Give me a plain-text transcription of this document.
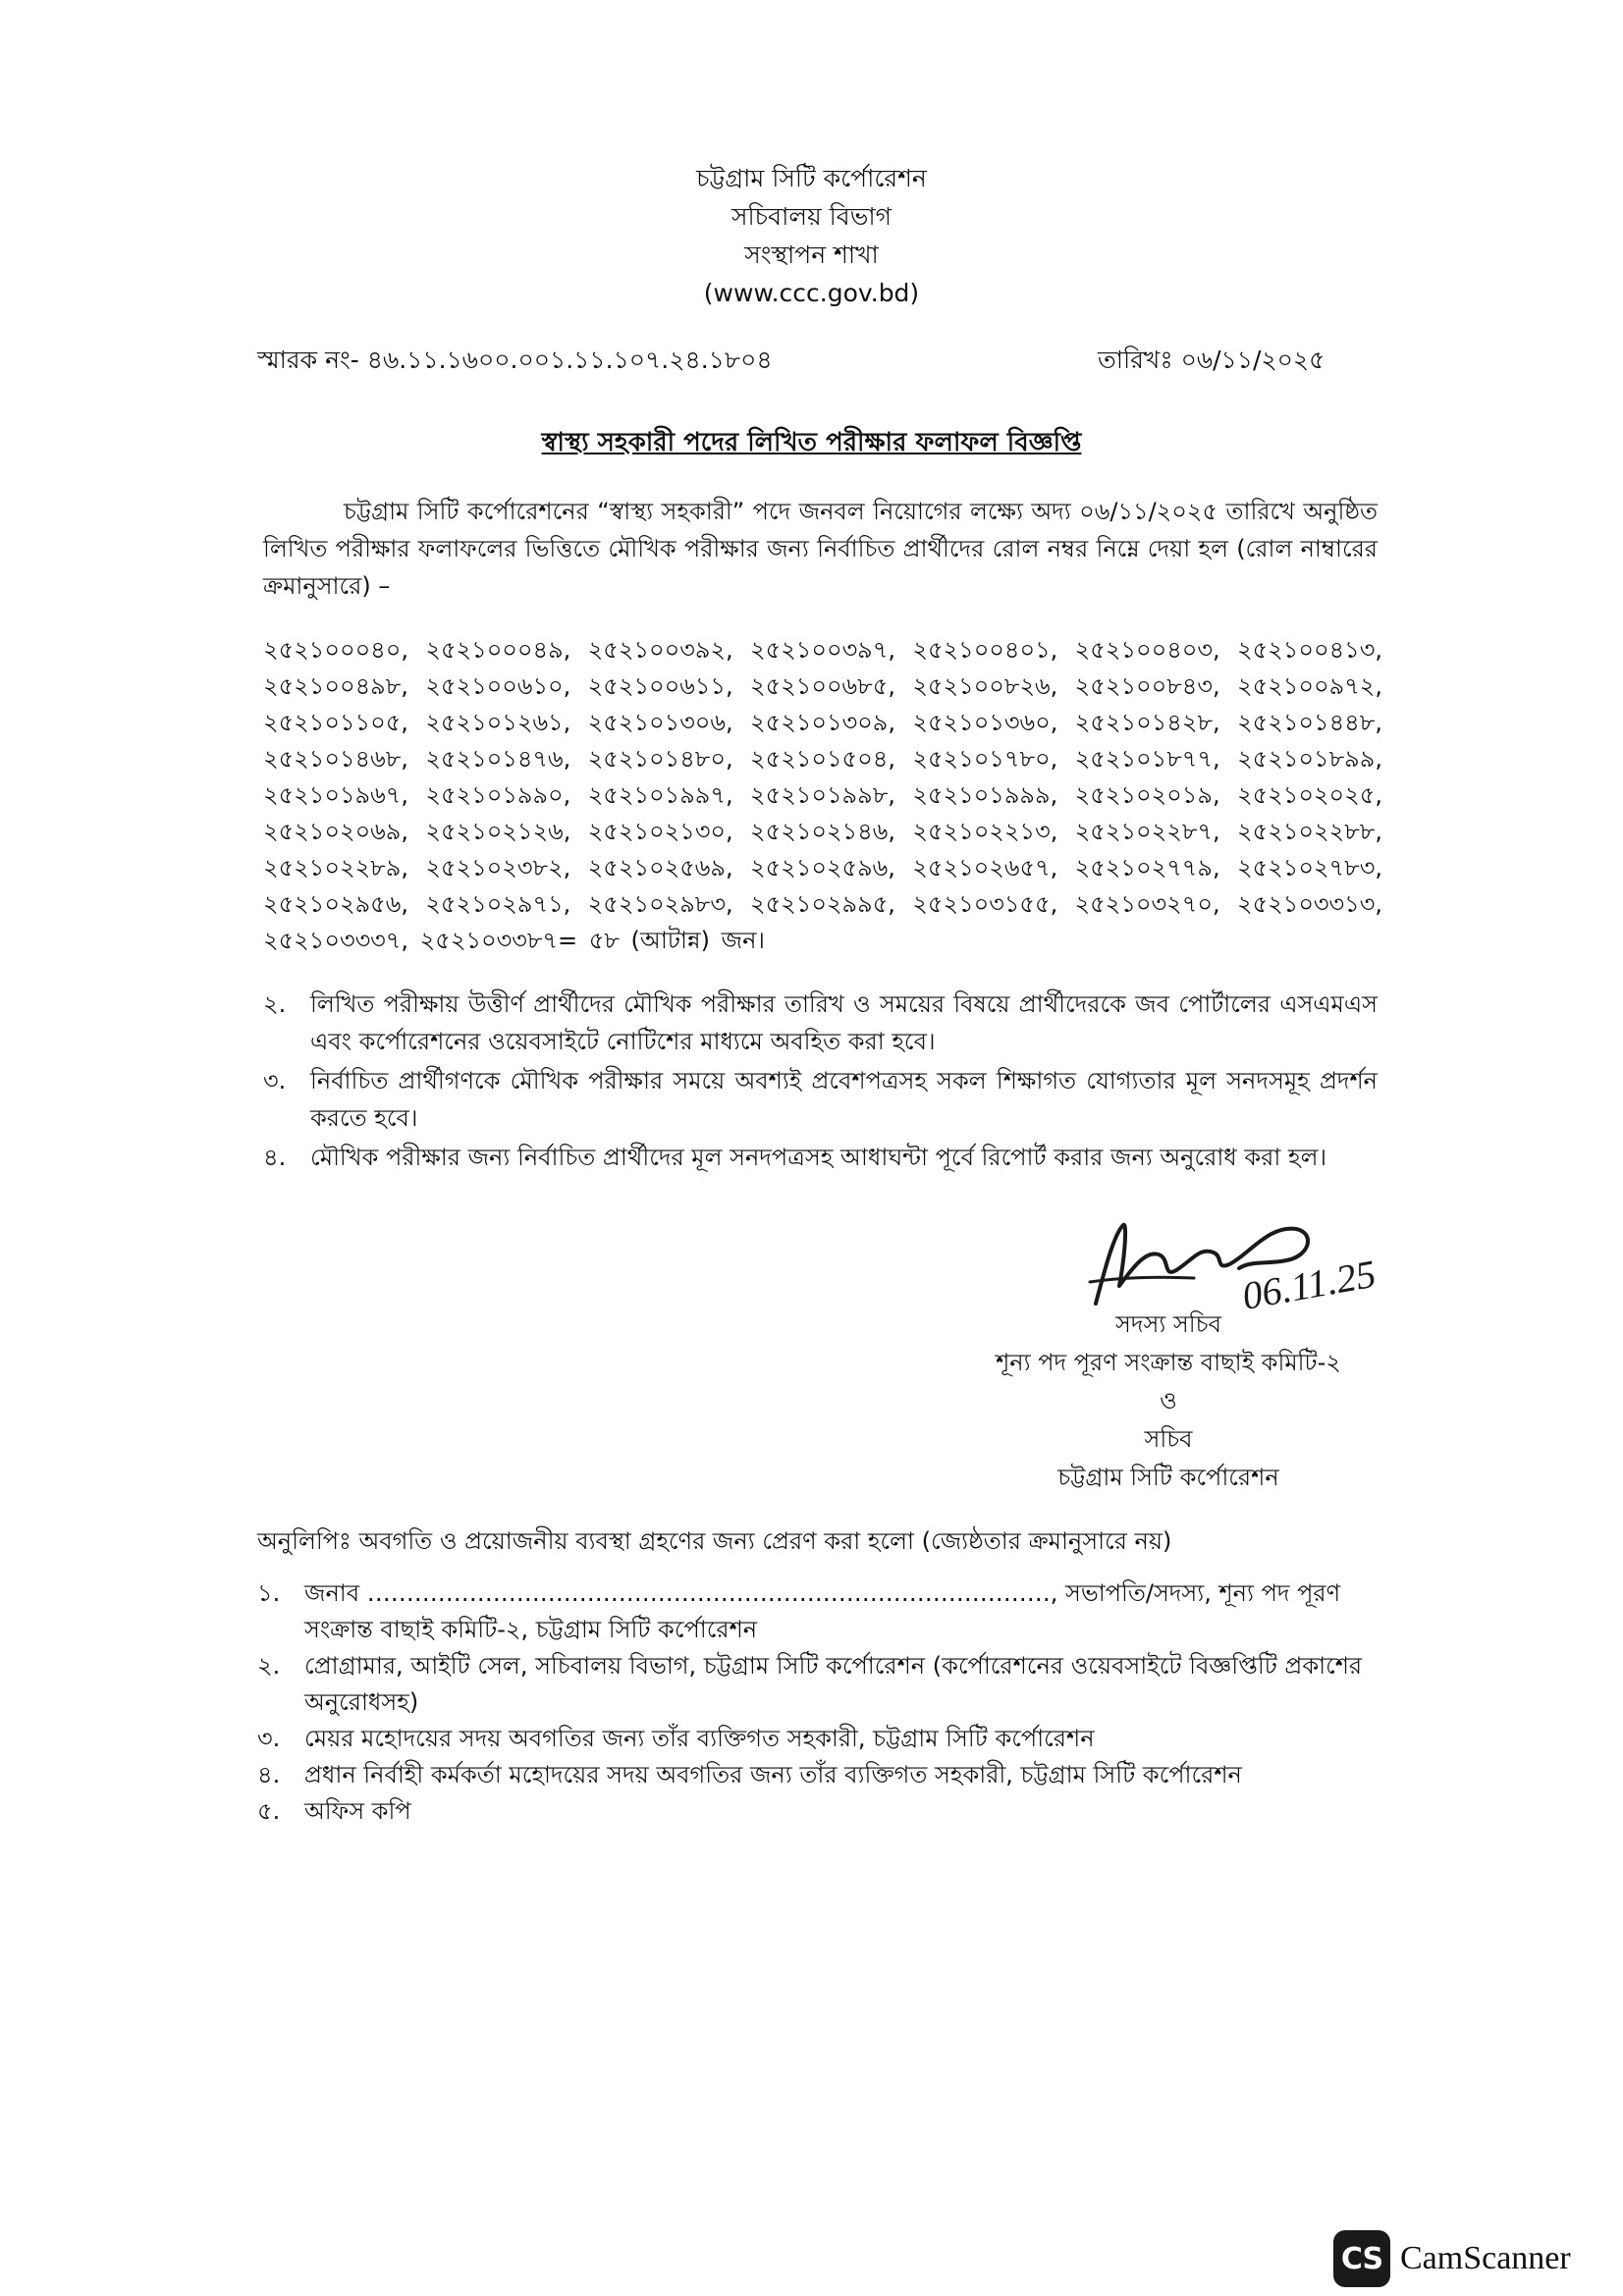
চট্টগ্রাম সিটি কর্পোরেশন
সচিবালয় বিভাগ
সংস্থাপন শাখা
(www.ccc.gov.bd)
স্মারক নং- ৪৬.১১.১৬০০.০০১.১১.১০৭.২৪.১৮০৪	তারিখঃ ০৬/১১/২০২৫
স্বাস্থ্য সহকারী পদের লিখিত পরীক্ষার ফলাফল বিজ্ঞপ্তি

চট্টগ্রাম সিটি কর্পোরেশনের “স্বাস্থ্য সহকারী” পদে জনবল নিয়োগের লক্ষ্যে অদ্য ০৬/১১/২০২৫ তারিখে অনুষ্ঠিত লিখিত পরীক্ষার ফলাফলের ভিত্তিতে মৌখিক পরীক্ষার জন্য নির্বাচিত প্রার্থীদের রোল নম্বর নিম্নে দেয়া হল (রোল নাম্বারের ক্রমানুসারে) –

২৫২১০০০৪০, ২৫২১০০০৪৯, ২৫২১০০৩৯২, ২৫২১০০৩৯৭, ২৫২১০০৪০১, ২৫২১০০৪০৩, ২৫২১০০৪১৩, ২৫২১০০৪৯৮, ২৫২১০০৬১০, ২৫২১০০৬১১, ২৫২১০০৬৮৫, ২৫২১০০৮২৬, ২৫২১০০৮৪৩, ২৫২১০০৯৭২, ২৫২১০১১০৫, ২৫২১০১২৬১, ২৫২১০১৩০৬, ২৫২১০১৩০৯, ২৫২১০১৩৬০, ২৫২১০১৪২৮, ২৫২১০১৪৪৮, ২৫২১০১৪৬৮, ২৫২১০১৪৭৬, ২৫২১০১৪৮০, ২৫২১০১৫০৪, ২৫২১০১৭৮০, ২৫২১০১৮৭৭, ২৫২১০১৮৯৯, ২৫২১০১৯৬৭, ২৫২১০১৯৯০, ২৫২১০১৯৯৭, ২৫২১০১৯৯৮, ২৫২১০১৯৯৯, ২৫২১০২০১৯, ২৫২১০২০২৫, ২৫২১০২০৬৯, ২৫২১০২১২৬, ২৫২১০২১৩০, ২৫২১০২১৪৬, ২৫২১০২২১৩, ২৫২১০২২৮৭, ২৫২১০২২৮৮, ২৫২১০২২৮৯, ২৫২১০২৩৮২, ২৫২১০২৫৬৯, ২৫২১০২৫৯৬, ২৫২১০২৬৫৭, ২৫২১০২৭৭৯, ২৫২১০২৭৮৩, ২৫২১০২৯৫৬, ২৫২১০২৯৭১, ২৫২১০২৯৮৩, ২৫২১০২৯৯৫, ২৫২১০৩১৫৫, ২৫২১০৩২৭০, ২৫২১০৩৩১৩, ২৫২১০৩৩৩৭, ২৫২১০৩৩৮৭= ৫৮ (আটান্ন) জন।
২.	লিখিত পরীক্ষায় উত্তীর্ণ প্রার্থীদের মৌখিক পরীক্ষার তারিখ ও সময়ের বিষয়ে প্রার্থীদেরকে জব পোর্টালের এসএমএস এবং কর্পোরেশনের ওয়েবসাইটে নোটিশের মাধ্যমে অবহিত করা হবে।
৩.	নির্বাচিত প্রার্থীগণকে মৌখিক পরীক্ষার সময়ে অবশ্যই প্রবেশপত্রসহ সকল শিক্ষাগত যোগ্যতার মূল সনদসমূহ প্রদর্শন করতে হবে।
৪.	মৌখিক পরীক্ষার জন্য নির্বাচিত প্রার্থীদের মূল সনদপত্রসহ আধাঘন্টা পূর্বে রিপোর্ট করার জন্য অনুরোধ করা হল।
06.11.25
সদস্য সচিব
শূন্য পদ পূরণ সংক্রান্ত বাছাই কমিটি-২
ও
সচিব
চট্টগ্রাম সিটি কর্পোরেশন
অনুলিপিঃ অবগতি ও প্রয়োজনীয় ব্যবস্থা গ্রহণের জন্য প্রেরণ করা হলো (জ্যেষ্ঠতার ক্রমানুসারে নয়)
১.	জনাব ……………………………………………………………………………, সভাপতি/সদস্য, শূন্য পদ পূরণ সংক্রান্ত বাছাই কমিটি-২, চট্টগ্রাম সিটি কর্পোরেশন
২.	প্রোগ্রামার, আইটি সেল, সচিবালয় বিভাগ, চট্টগ্রাম সিটি কর্পোরেশন (কর্পোরেশনের ওয়েবসাইটে বিজ্ঞপ্তিটি প্রকাশের অনুরোধসহ)
৩.	মেয়র মহোদয়ের সদয় অবগতির জন্য তাঁর ব্যক্তিগত সহকারী, চট্টগ্রাম সিটি কর্পোরেশন
৪.	প্রধান নির্বাহী কর্মকর্তা মহোদয়ের সদয় অবগতির জন্য তাঁর ব্যক্তিগত সহকারী, চট্টগ্রাম সিটি কর্পোরেশন
৫.	অফিস কপি
CS CamScanner
